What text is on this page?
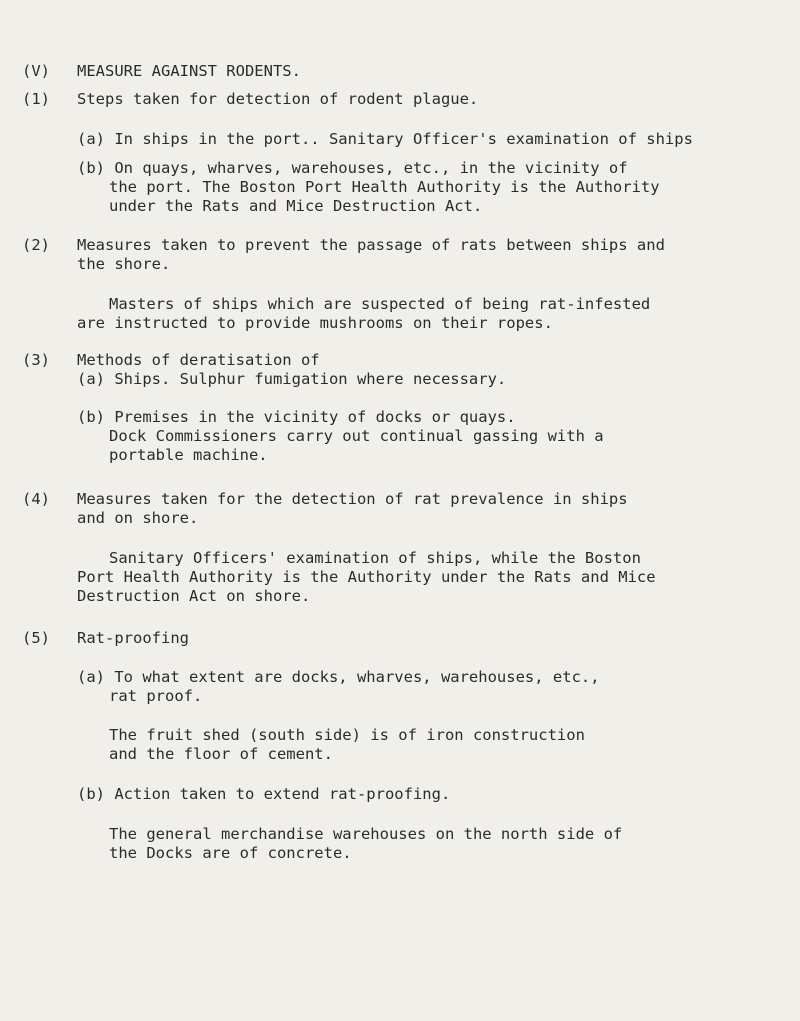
(V) MEASURE AGAINST RODENTS.
(1) Steps taken for detection of rodent plague.
(a) In ships in the port.. Sanitary Officer's examination of ships
(b) On quays, wharves, warehouses, etc., in the vicinity of
the port. The Boston Port Health Authority is the Authority
under the Rats and Mice Destruction Act.
(2) Measures taken to prevent the passage of rats between ships and
the shore.
Masters of ships which are suspected of being rat-infested
are instructed to provide mushrooms on their ropes.
(3) Methods of deratisation of
(a) Ships. Sulphur fumigation where necessary.
(b) Premises in the vicinity of docks or quays.
Dock Commissioners carry out continual gassing with a
portable machine.
(4) Measures taken for the detection of rat prevalence in ships
and on shore.
Sanitary Officers' examination of ships, while the Boston
Port Health Authority is the Authority under the Rats and Mice
Destruction Act on shore.
(5) Rat-proofing
(a) To what extent are docks, wharves, warehouses, etc.,
rat proof.
The fruit shed (south side) is of iron construction
and the floor of cement.
(b) Action taken to extend rat-proofing.
The general merchandise warehouses on the north side of
the Docks are of concrete.
